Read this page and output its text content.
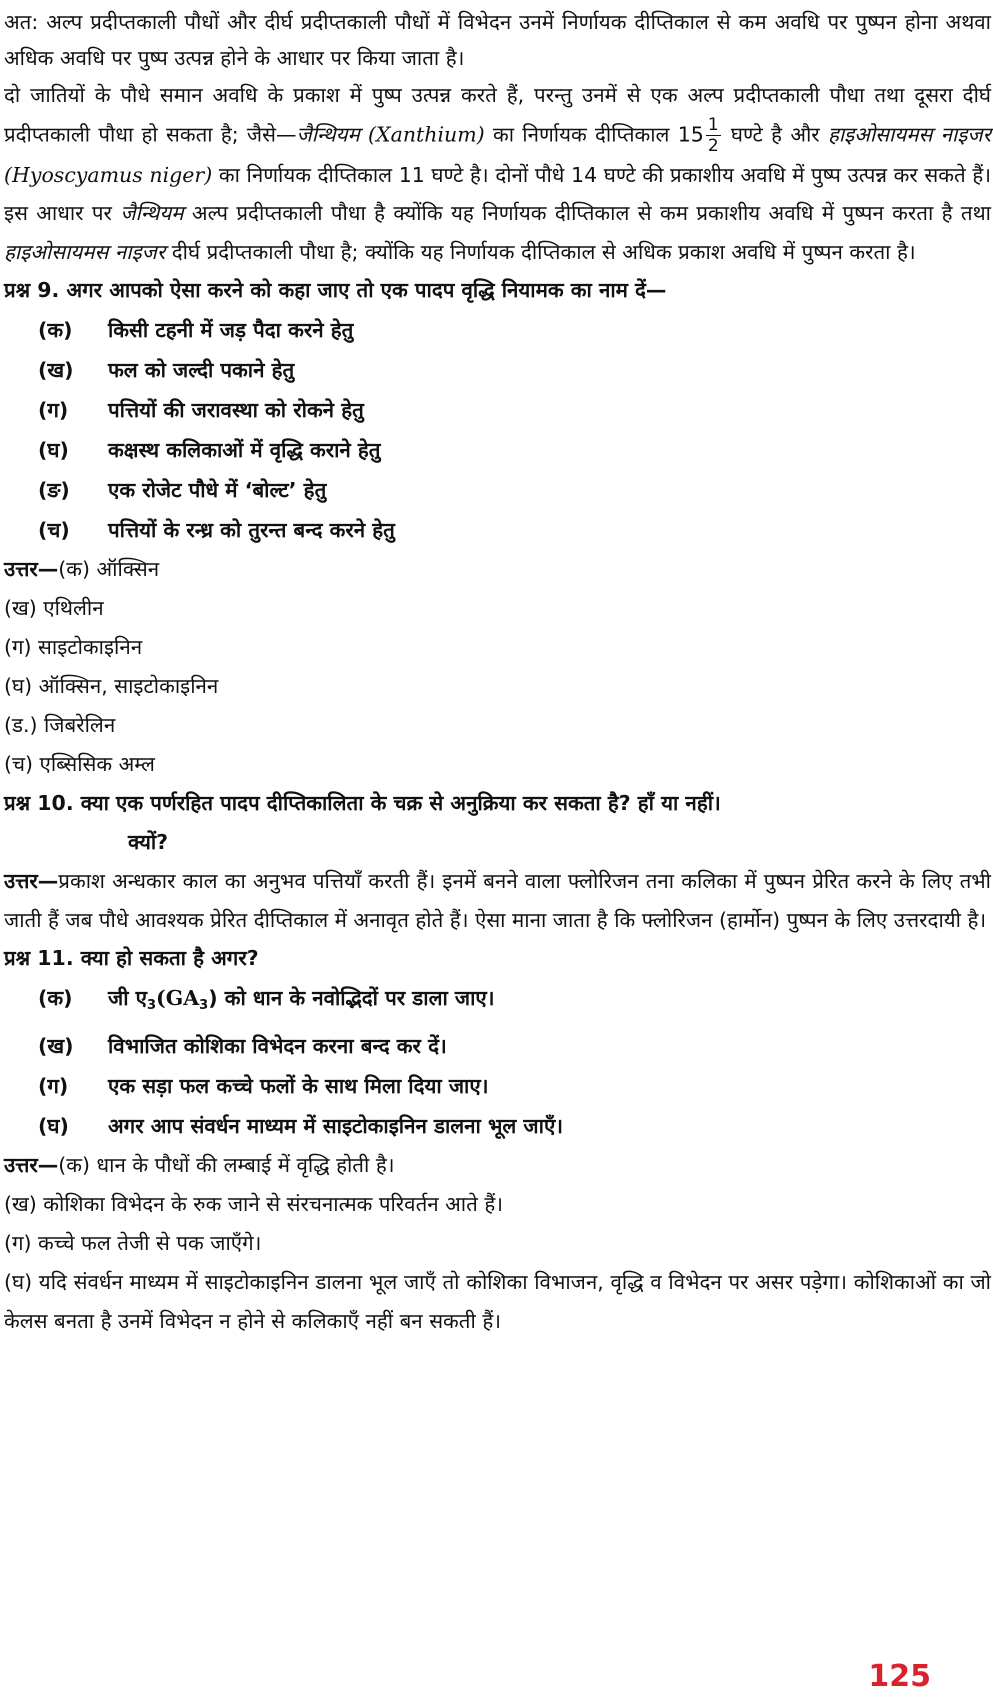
अत: अल्प प्रदीप्तकाली पौधों और दीर्घ प्रदीप्तकाली पौधों में विभेदन उनमें निर्णायक दीप्तिकाल से कम अवधि पर पुष्पन होना अथवा अधिक अवधि पर पुष्प उत्पन्न होने के आधार पर किया जाता है।

दो जातियों के पौधे समान अवधि के प्रकाश में पुष्प उत्पन्न करते हैं, परन्तु उनमें से एक अल्प प्रदीप्तकाली पौधा तथा दूसरा दीर्घ प्रदीप्तकाली पौधा हो सकता है; जैसे—जैन्थियम (Xanthium) का निर्णायक दीप्तिकाल $15 \frac{1}{2}$ घण्टे है और हाइओसायमस नाइजर (Hyoscyamus niger) का निर्णायक दीप्तिकाल 11 घण्टे है। दोनों पौधे 14 घण्टे की प्रकाशीय अवधि में पुष्प उत्पन्न कर सकते हैं। इस आधार पर जैन्थियम अल्प प्रदीप्तकाली पौधा है क्योंकि यह निर्णायक दीप्तिकाल से कम प्रकाशीय अवधि में पुष्पन करता है तथा हाइओसायमस नाइजर दीर्घ प्रदीप्तकाली पौधा है; क्योंकि यह निर्णायक दीप्तिकाल से अधिक प्रकाश अवधि में पुष्पन करता है।

प्रश्न 9. अगर आपको ऐसा करने को कहा जाए तो एक पादप वृद्धि नियामक का नाम दें—

(क) किसी टहनी में जड़ पैदा करने हेतु

(ख) फल को जल्दी पकाने हेतु

(ग) पत्तियों की जरावस्था को रोकने हेतु

(घ) कक्षस्थ कलिकाओं में वृद्धि कराने हेतु

(ङ) एक रोजेट पौधे में ‘बोल्ट’ हेतु

(च) पत्तियों के रन्ध्र को तुरन्त बन्द करने हेतु

उत्तर—(क) ऑक्सिन

(ख) एथिलीन

(ग) साइटोकाइनिन

(घ) ऑक्सिन, साइटोकाइनिन

(ड.) जिबरेलिन

(च) एब्सिसिक अम्ल

प्रश्न 10. क्या एक पर्णरहित पादप दीप्तिकालिता के चक्र से अनुक्रिया कर सकता है? हाँ या नहीं।

क्यों?

उत्तर—प्रकाश अन्धकार काल का अनुभव पत्तियाँ करती हैं। इनमें बनने वाला फ्लोरिजन तना कलिका में पुष्पन प्रेरित करने के लिए तभी जाती हैं जब पौधे आवश्यक प्रेरित दीप्तिकाल में अनावृत होते हैं। ऐसा माना जाता है कि फ्लोरिजन (हार्मोन) पुष्पन के लिए उत्तरदायी है।

प्रश्न 11. क्या हो सकता है अगर?

(क) जी $ए_3(GA_3)$ को धान के नवोद्भिदों पर डाला जाए।

(ख) विभाजित कोशिका विभेदन करना बन्द कर दें।

(ग) एक सड़ा फल कच्चे फलों के साथ मिला दिया जाए।

(घ) अगर आप संवर्धन माध्यम में साइटोकाइनिन डालना भूल जाएँ।

उत्तर—(क) धान के पौधों की लम्बाई में वृद्धि होती है।

(ख) कोशिका विभेदन के रुक जाने से संरचनात्मक परिवर्तन आते हैं।

(ग) कच्चे फल तेजी से पक जाएँगे।

(घ) यदि संवर्धन माध्यम में साइटोकाइनिन डालना भूल जाएँ तो कोशिका विभाजन, वृद्धि व विभेदन पर असर पड़ेगा। कोशिकाओं का जो केलस बनता है उनमें विभेदन न होने से कलिकाएँ नहीं बन सकती हैं।

125
